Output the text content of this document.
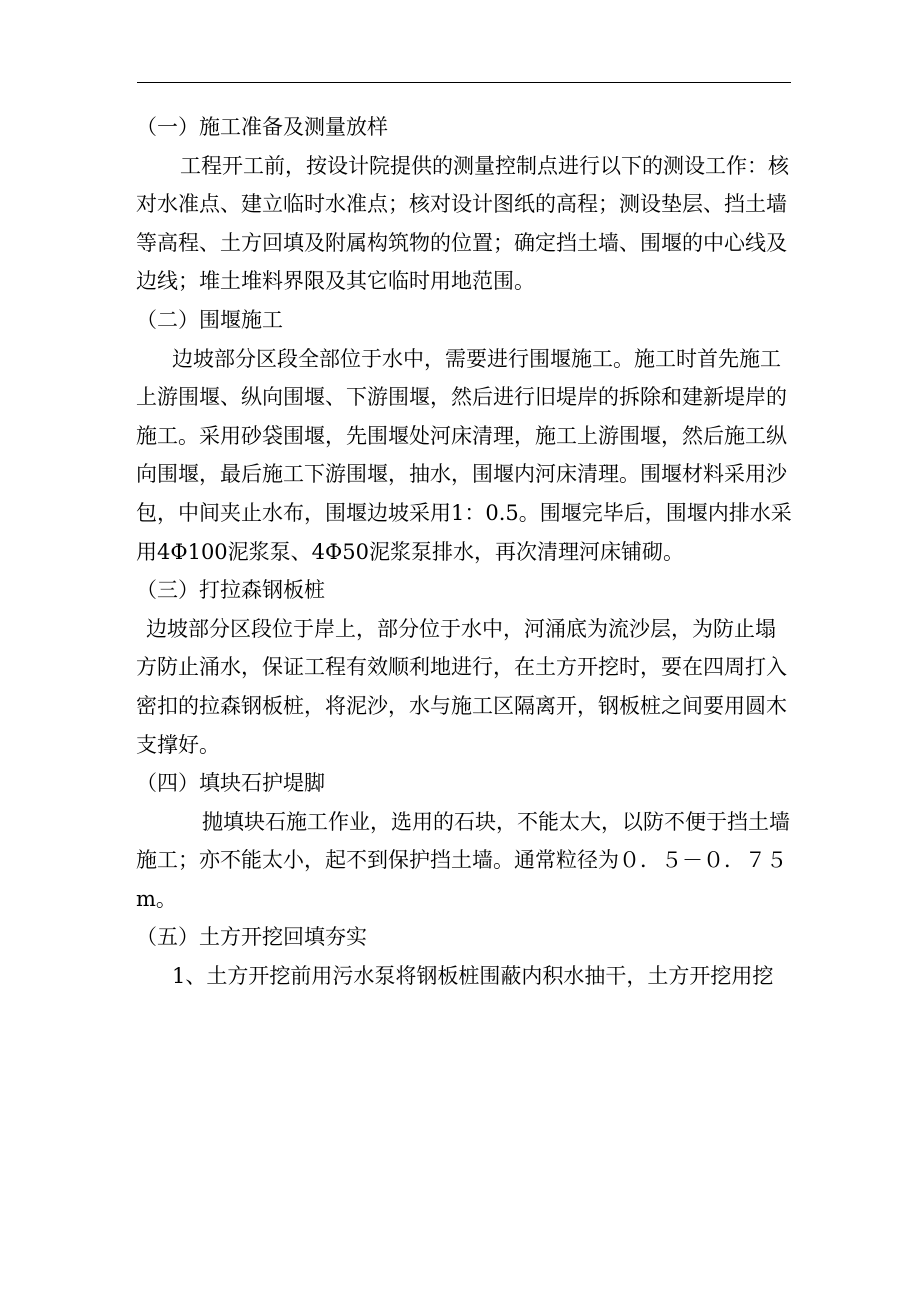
（一）施工准备及测量放样

工程开工前，按设计院提供的测量控制点进行以下的测设工作：核对水准点、建立临时水准点；核对设计图纸的高程；测设垫层、挡土墙等高程、土方回填及附属构筑物的位置；确定挡土墙、围堰的中心线及边线；堆土堆料界限及其它临时用地范围。

（二）围堰施工

边坡部分区段全部位于水中，需要进行围堰施工。施工时首先施工上游围堰、纵向围堰、下游围堰，然后进行旧堤岸的拆除和建新堤岸的施工。采用砂袋围堰，先围堰处河床清理，施工上游围堰，然后施工纵向围堰，最后施工下游围堰，抽水，围堰内河床清理。围堰材料采用沙包，中间夹止水布，围堰边坡采用1：0.5。围堰完毕后，围堰内排水采用4Φ100泥浆泵、4Φ50泥浆泵排水，再次清理河床铺砌。

（三）打拉森钢板桩

边坡部分区段位于岸上，部分位于水中，河涌底为流沙层，为防止塌方防止涌水，保证工程有效顺利地进行，在土方开挖时，要在四周打入密扣的拉森钢板桩，将泥沙，水与施工区隔离开，钢板桩之间要用圆木支撑好。

（四）填块石护堤脚

抛填块石施工作业，选用的石块，不能太大，以防不便于挡土墙施工；亦不能太小，起不到保护挡土墙。通常粒径为０．５－０．７５m。

（五）土方开挖回填夯实

1、土方开挖前用污水泵将钢板桩围蔽内积水抽干，土方开挖用挖
